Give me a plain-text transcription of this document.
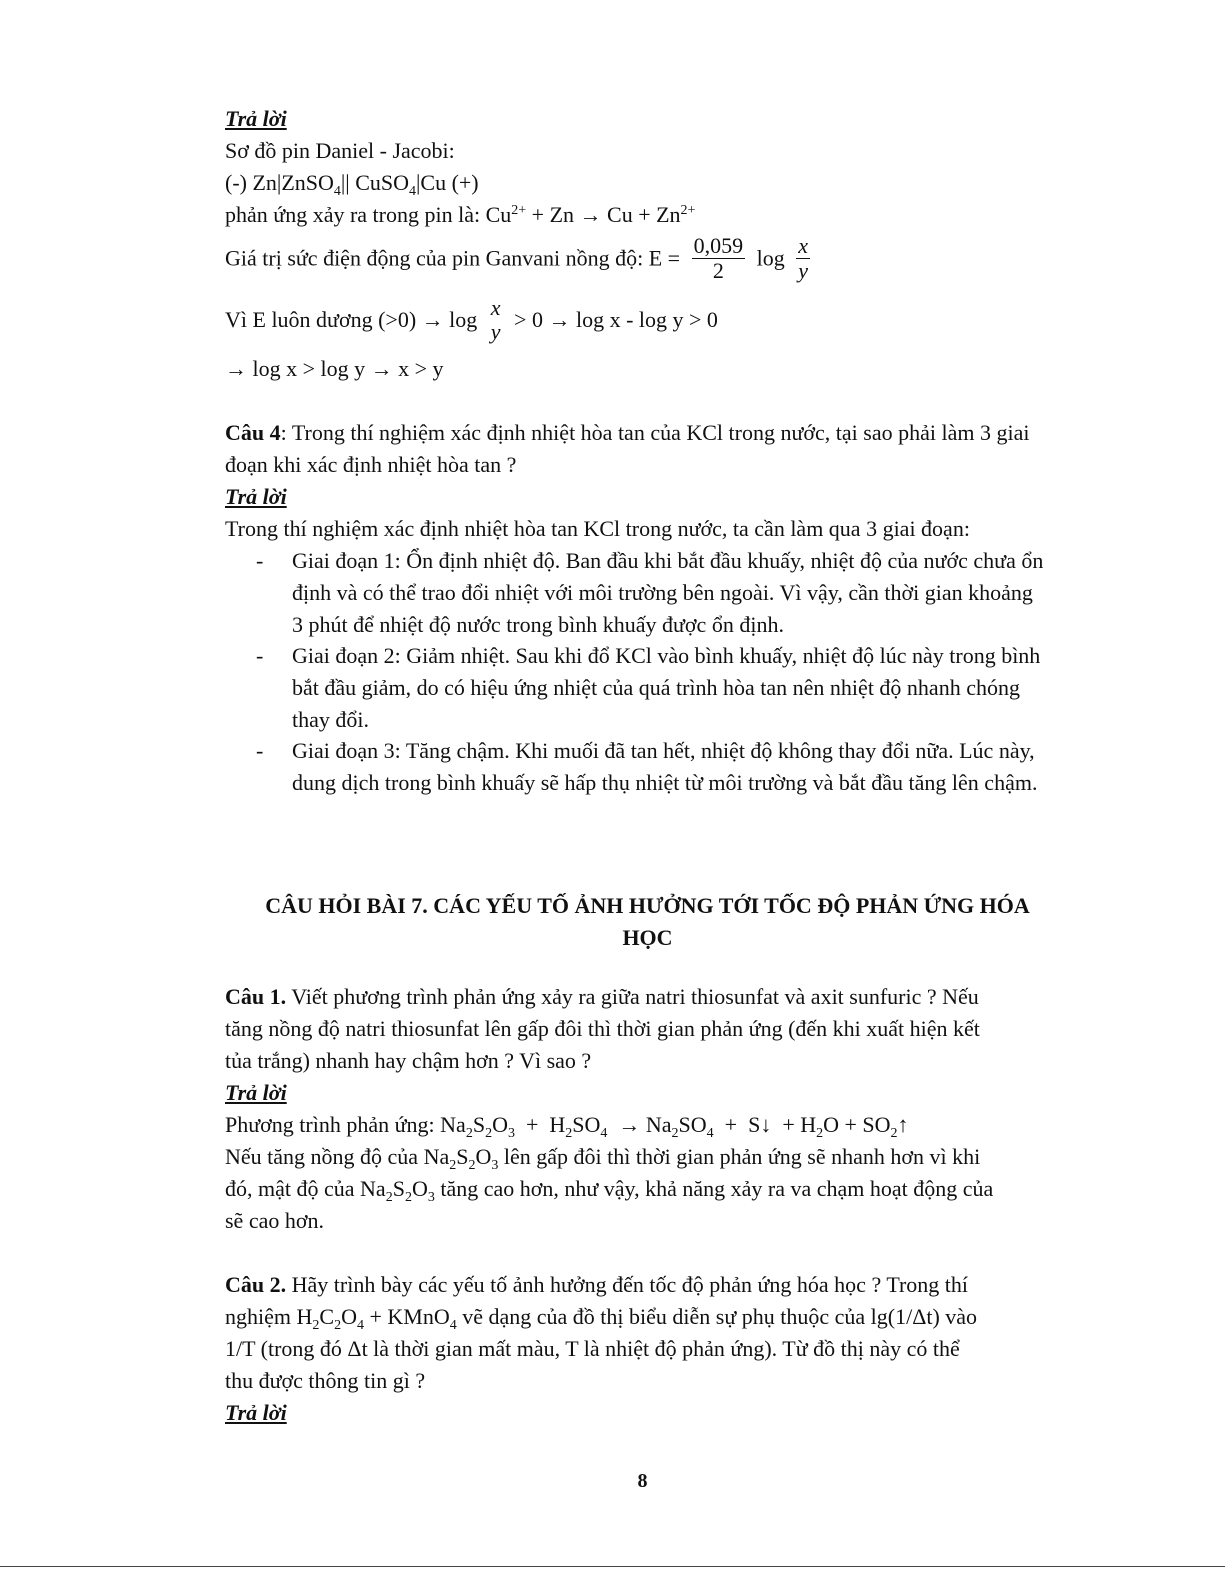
Trả lời
Sơ đồ pin Daniel - Jacobi:
(-) Zn|ZnSO$_4$|| CuSO$_4$|Cu (+)
phản ứng xảy ra trong pin là: $Cu^{2+} + Zn \to Cu + Zn^{2+}$
Giá trị sức điện động của pin Ganvani nồng độ: $E = \frac{0,059}{2}$ $\log \frac{x}{y}$
Vì E luôn dương (>0) → log x
y > 0 → log x - log y > 0
→ log x > log y → x > y
Câu 4: Trong thí nghiệm xác định nhiệt hòa tan của KCl trong nước, tại sao phải làm 3 giai
đoạn khi xác định nhiệt hòa tan ?
Trả lời
Trong thí nghiệm xác định nhiệt hòa tan KCl trong nước, ta cần làm qua 3 giai đoạn:
- Giai đoạn 1: Ổn định nhiệt độ. Ban đầu khi bắt đầu khuấy, nhiệt độ của nước chưa ổn
định và có thể trao đổi nhiệt với môi trường bên ngoài. Vì vậy, cần thời gian khoảng
3 phút để nhiệt độ nước trong bình khuấy được ổn định.
- Giai đoạn 2: Giảm nhiệt. Sau khi đổ KCl vào bình khuấy, nhiệt độ lúc này trong bình
bắt đầu giảm, do có hiệu ứng nhiệt của quá trình hòa tan nên nhiệt độ nhanh chóng
thay đổi.
- Giai đoạn 3: Tăng chậm. Khi muối đã tan hết, nhiệt độ không thay đổi nữa. Lúc này,
dung dịch trong bình khuấy sẽ hấp thụ nhiệt từ môi trường và bắt đầu tăng lên chậm.
CÂU HỎI BÀI 7. CÁC YẾU TỐ ẢNH HƯỞNG TỚI TỐC ĐỘ PHẢN ỨNG HÓA
HỌC
Câu 1. Viết phương trình phản ứng xảy ra giữa natri thiosunfat và axit sunfuric ? Nếu
tăng nồng độ natri thiosunfat lên gấp đôi thì thời gian phản ứng (đến khi xuất hiện kết
tủa trắng) nhanh hay chậm hơn ? Vì sao ?
Trả lời
Phương trình phản ứng: $Na_2S_2O_3 + H_2SO_4 \to Na_2SO_4$  +  S↓  + $H_2O$ + $SO_2↑$
Nếu tăng nồng độ của $Na_2S_2O_3$ lên gấp đôi thì thời gian phản ứng sẽ nhanh hơn vì khi
đó, mật độ của $Na_2S_2O_3$ tăng cao hơn, như vậy, khả năng xảy ra va chạm hoạt động của
sẽ cao hơn.
Câu 2. Hãy trình bày các yếu tố ảnh hưởng đến tốc độ phản ứng hóa học ? Trong thí
nghiệm $H_2C_2O_4$ + KMnO$_4$ vẽ dạng của đồ thị biểu diễn sự phụ thuộc của lg(1/Δt) vào
1/T (trong đó Δt là thời gian mất màu, T là nhiệt độ phản ứng). Từ đồ thị này có thể
thu được thông tin gì ?
Trả lời
8
